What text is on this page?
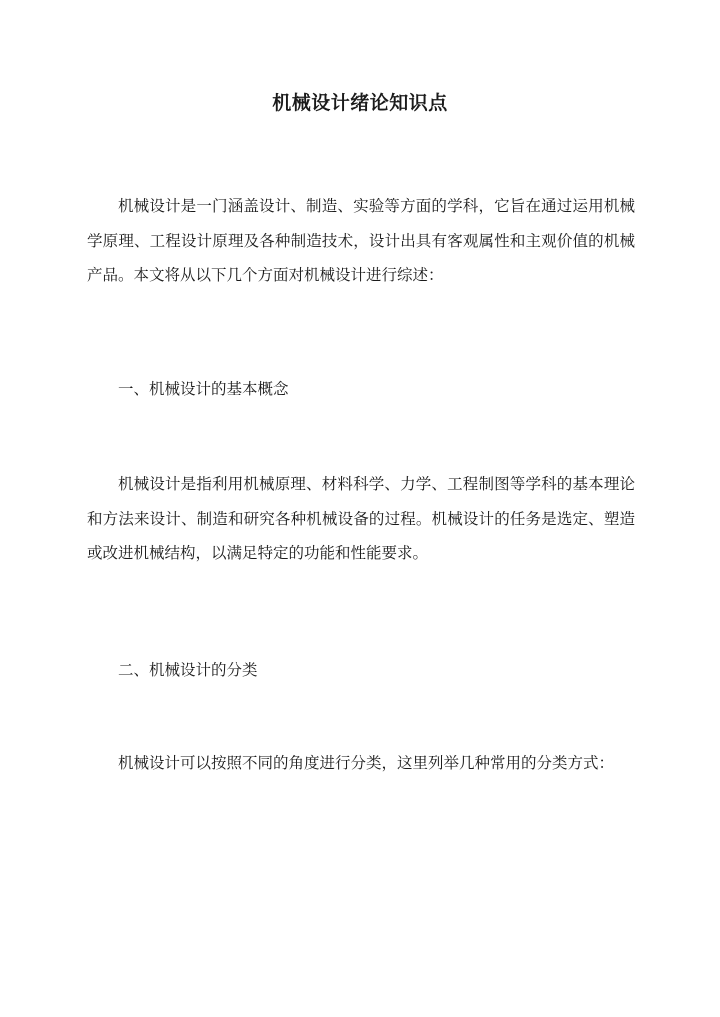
机械设计绪论知识点

机械设计是一门涵盖设计、制造、实验等方面的学科，它旨在通过运用机械学原理、工程设计原理及各种制造技术，设计出具有客观属性和主观价值的机械产品。本文将从以下几个方面对机械设计进行综述：

一、机械设计的基本概念

机械设计是指利用机械原理、材料科学、力学、工程制图等学科的基本理论和方法来设计、制造和研究各种机械设备的过程。机械设计的任务是选定、塑造或改进机械结构，以满足特定的功能和性能要求。

二、机械设计的分类

机械设计可以按照不同的角度进行分类，这里列举几种常用的分类方式：
